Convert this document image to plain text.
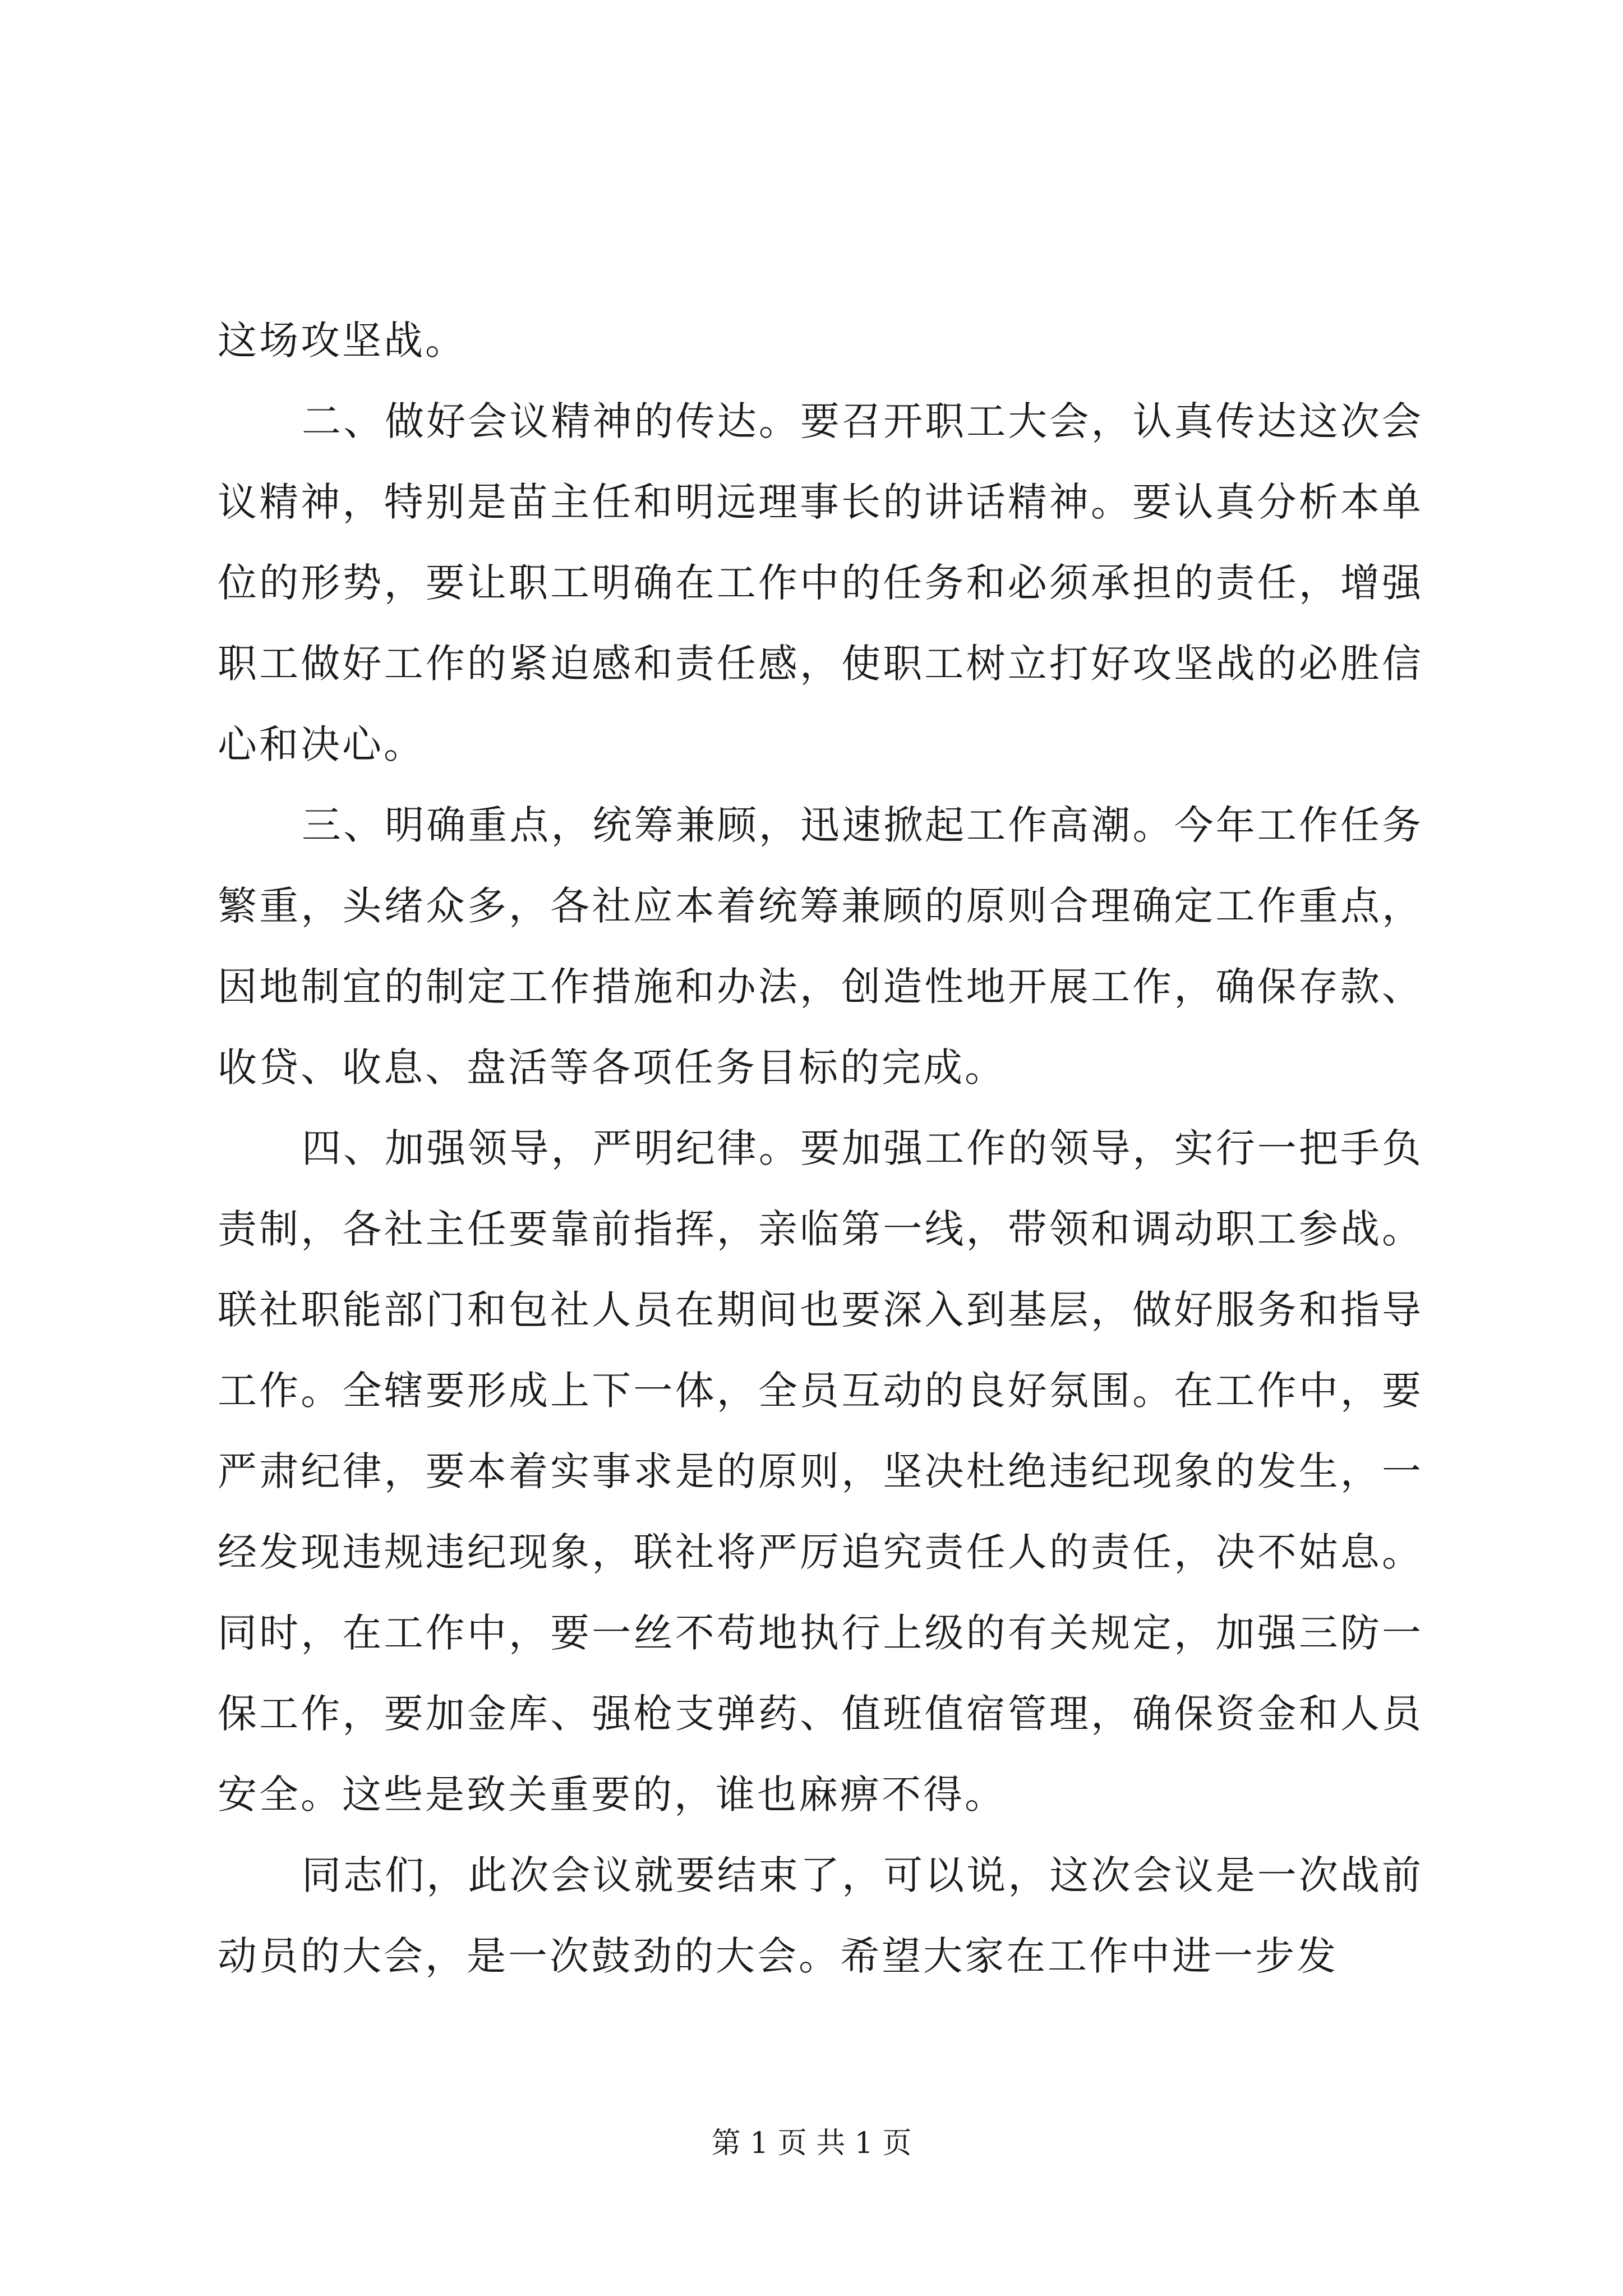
这场攻坚战。

二、做好会议精神的传达。要召开职工大会，认真传达这次会议精神，特别是苗主任和明远理事长的讲话精神。要认真分析本单位的形势，要让职工明确在工作中的任务和必须承担的责任，增强职工做好工作的紧迫感和责任感，使职工树立打好攻坚战的必胜信心和决心。

三、明确重点，统筹兼顾，迅速掀起工作高潮。今年工作任务繁重，头绪众多，各社应本着统筹兼顾的原则合理确定工作重点，因地制宜的制定工作措施和办法，创造性地开展工作，确保存款、收贷、收息、盘活等各项任务目标的完成。

四、加强领导，严明纪律。要加强工作的领导，实行一把手负责制，各社主任要靠前指挥，亲临第一线，带领和调动职工参战。联社职能部门和包社人员在期间也要深入到基层，做好服务和指导工作。全辖要形成上下一体，全员互动的良好氛围。在工作中，要严肃纪律，要本着实事求是的原则，坚决杜绝违纪现象的发生，一经发现违规违纪现象，联社将严厉追究责任人的责任，决不姑息。同时，在工作中，要一丝不苟地执行上级的有关规定，加强三防一保工作，要加金库、强枪支弹药、值班值宿管理，确保资金和人员安全。这些是致关重要的，谁也麻痹不得。

同志们，此次会议就要结束了，可以说，这次会议是一次战前动员的大会，是一次鼓劲的大会。希望大家在工作中进一步发

第 1 页 共 1 页
